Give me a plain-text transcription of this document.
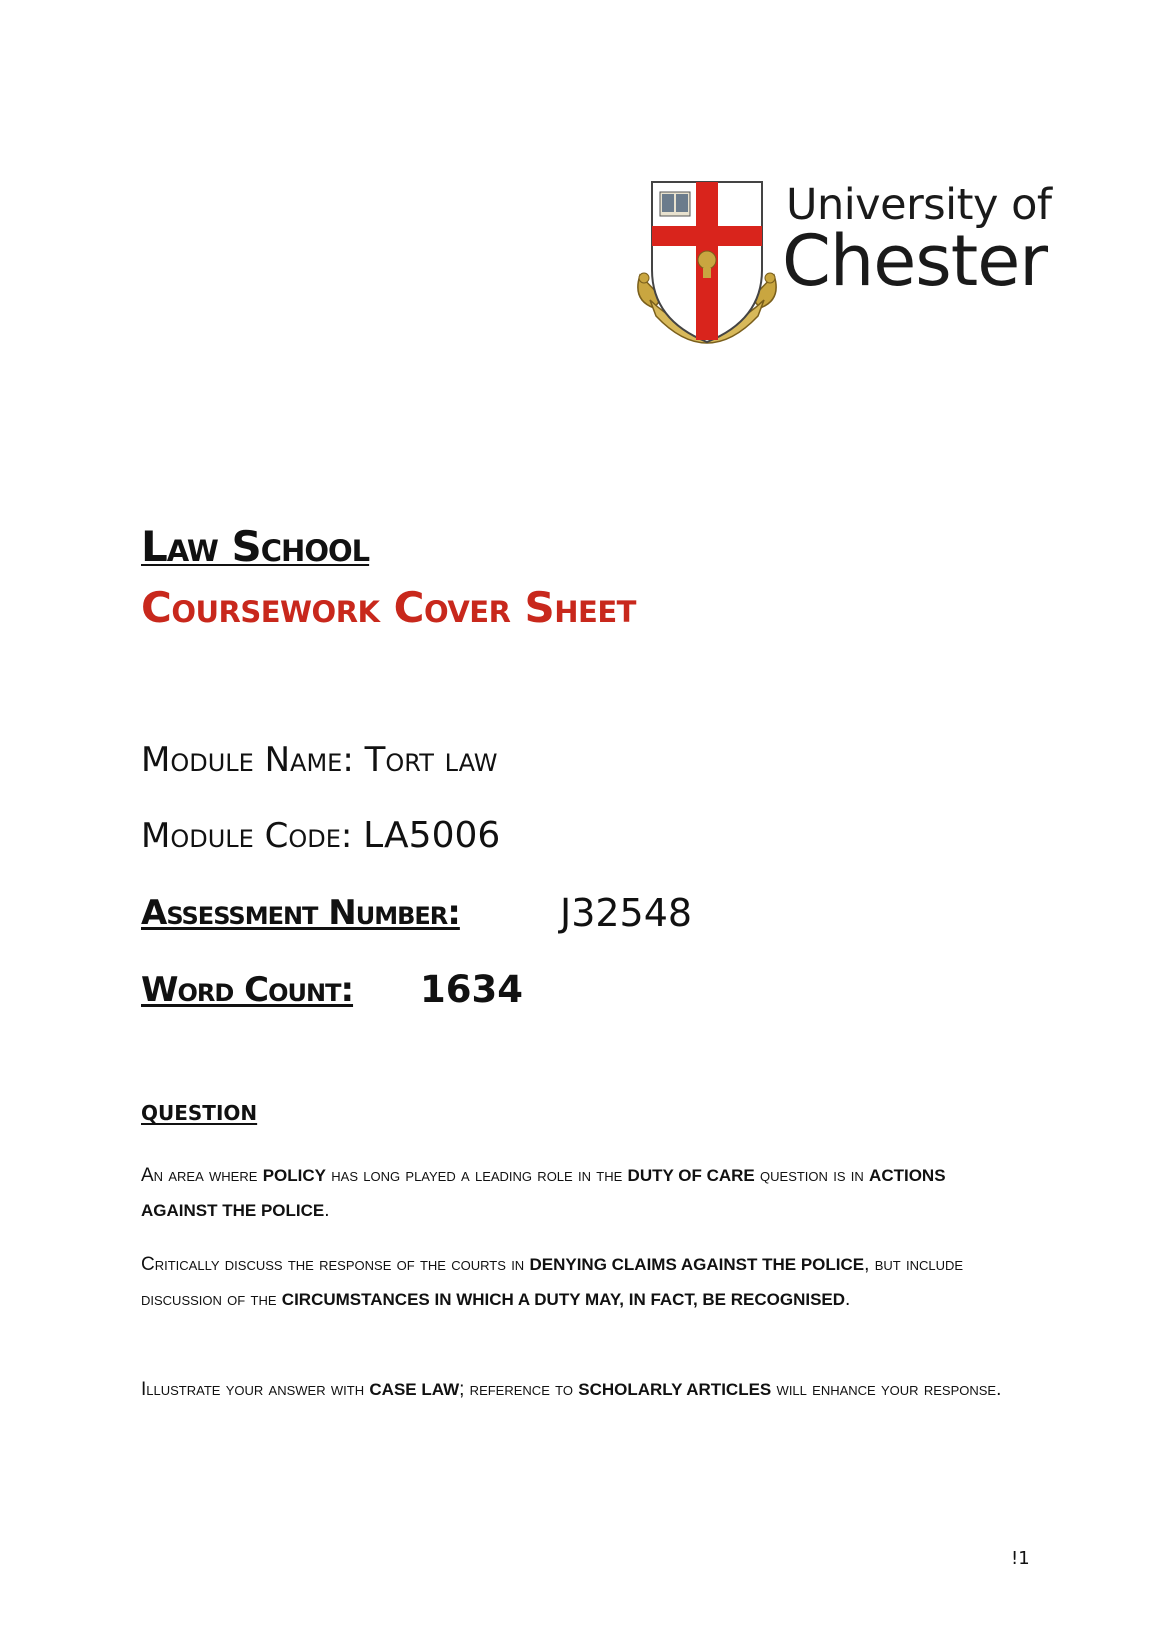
University of
Chester
Law School
Coursework Cover Sheet
Module Name: Tort law
Module Code: LA5006
Assessment Number:	J32548
Word Count: 1634
QUESTION
An area where POLICY has long played a leading role in the DUTY OF CARE question is in ACTIONS AGAINST THE POLICE.
Critically discuss the response of the courts in DENYING CLAIMS AGAINST THE POLICE, but include discussion of the CIRCUMSTANCES IN WHICH A DUTY MAY, IN FACT, BE RECOGNISED.
Illustrate your answer with CASE LAW; reference to SCHOLARLY ARTICLES will enhance your response.
!1
